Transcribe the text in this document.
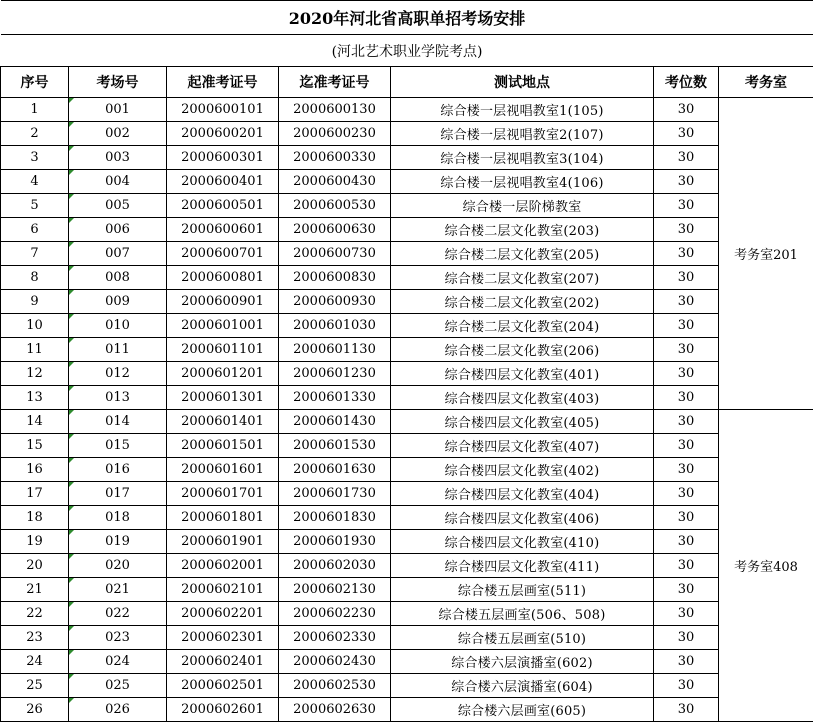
2020年河北省高职单招考场安排						
(河北艺术职业学院考点)						
序号	考场号	起准考证号	迄准考证号	测试地点	考位数	考务室
1	001	2000600101	2000600130	综合楼一层视唱教室1(105)	30	考务室201
2	002	2000600201	2000600230	综合楼一层视唱教室2(107)	30	
3	003	2000600301	2000600330	综合楼一层视唱教室3(104)	30	
4	004	2000600401	2000600430	综合楼一层视唱教室4(106)	30	
5	005	2000600501	2000600530	综合楼一层阶梯教室	30	
6	006	2000600601	2000600630	综合楼二层文化教室(203)	30	
7	007	2000600701	2000600730	综合楼二层文化教室(205)	30	
8	008	2000600801	2000600830	综合楼二层文化教室(207)	30	
9	009	2000600901	2000600930	综合楼二层文化教室(202)	30	
10	010	2000601001	2000601030	综合楼二层文化教室(204)	30	
11	011	2000601101	2000601130	综合楼二层文化教室(206)	30	
12	012	2000601201	2000601230	综合楼四层文化教室(401)	30	
13	013	2000601301	2000601330	综合楼四层文化教室(403)	30	
14	014	2000601401	2000601430	综合楼四层文化教室(405)	30	考务室408
15	015	2000601501	2000601530	综合楼四层文化教室(407)	30	
16	016	2000601601	2000601630	综合楼四层文化教室(402)	30	
17	017	2000601701	2000601730	综合楼四层文化教室(404)	30	
18	018	2000601801	2000601830	综合楼四层文化教室(406)	30	
19	019	2000601901	2000601930	综合楼四层文化教室(410)	30	
20	020	2000602001	2000602030	综合楼四层文化教室(411)	30	
21	021	2000602101	2000602130	综合楼五层画室(511)	30	
22	022	2000602201	2000602230	综合楼五层画室(506、508)	30	
23	023	2000602301	2000602330	综合楼五层画室(510)	30	
24	024	2000602401	2000602430	综合楼六层演播室(602)	30	
25	025	2000602501	2000602530	综合楼六层演播室(604)	30	
26	026	2000602601	2000602630	综合楼六层画室(605)	30	
